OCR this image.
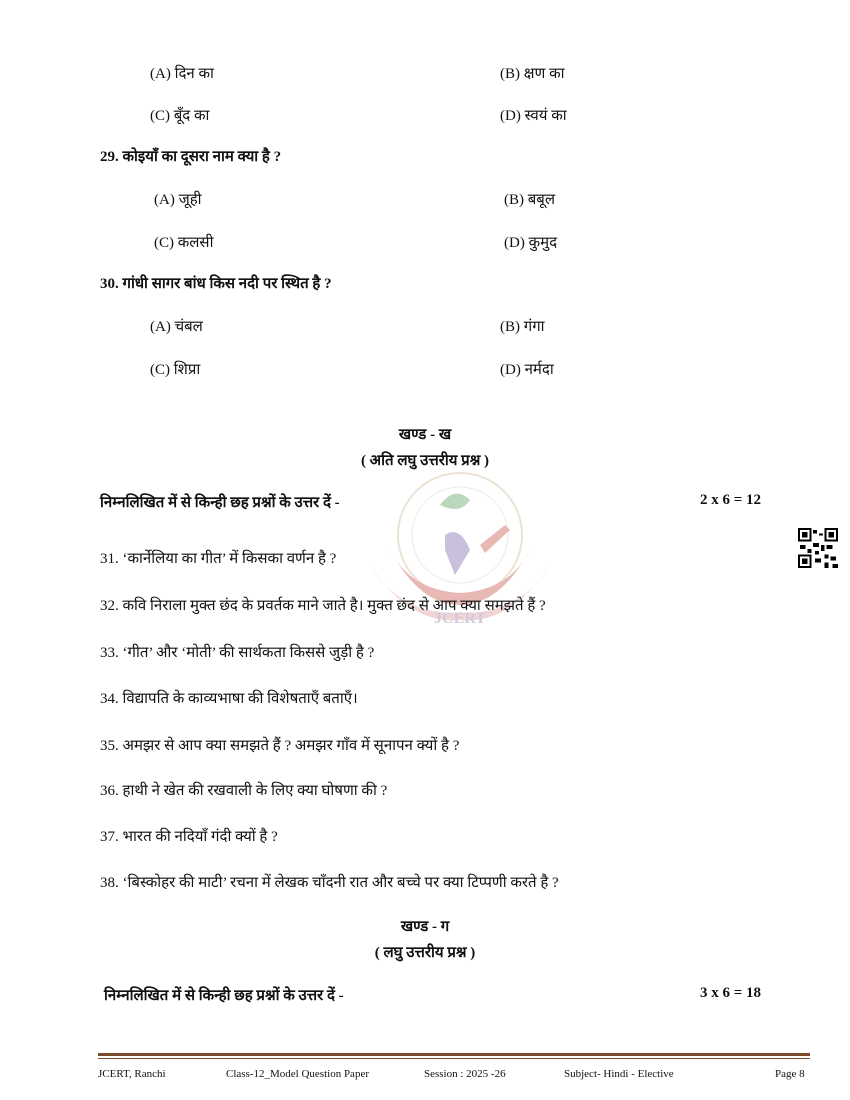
JCERT
(A) दिन का	(B) क्षण का
(C) बूँद का	(D) स्वयं का
29. कोइयाँ का दूसरा नाम क्या है ?
(A) जूही	(B) बबूल
(C) कलसी	(D) कुमुद
30. गांधी सागर बांध किस नदी पर स्थित है ?
(A) चंबल	(B) गंगा
(C) शिप्रा	(D) नर्मदा
खण्ड - ख
( अति लघु उत्तरीय प्रश्न )
निम्नलिखित में से किन्ही छह प्रश्नों के उत्तर दें -	2 x 6 = 12
31. ‘कार्नेलिया का गीत’ में किसका वर्णन है ?
32. कवि निराला मुक्त छंद के प्रवर्तक माने जाते है। मुक्त छंद से आप क्या समझते हैं ?
33. ‘गीत’ और ‘मोती’ की सार्थकता किससे जुड़ी है ?
34. विद्यापति के काव्यभाषा की विशेषताएँ बताएँ।
35. अमझर से आप क्या समझते हैं ? अमझर गाँव में सूनापन क्यों है ?
36. हाथी ने खेत की रखवाली के लिए क्या घोषणा की ?
37. भारत की नदियाँ गंदी क्यों है ?
38. ‘बिस्कोहर की माटी’ रचना में लेखक चाँदनी रात और बच्चे पर क्या टिप्पणी करते है ?
खण्ड - ग
( लघु उत्तरीय प्रश्न )
निम्नलिखित में से किन्ही छह प्रश्नों के उत्तर दें -	3 x 6 = 18
JCERT, Ranchi	Class-12_Model Question Paper	Session : 2025 -26	Subject- Hindi - Elective	Page 8
